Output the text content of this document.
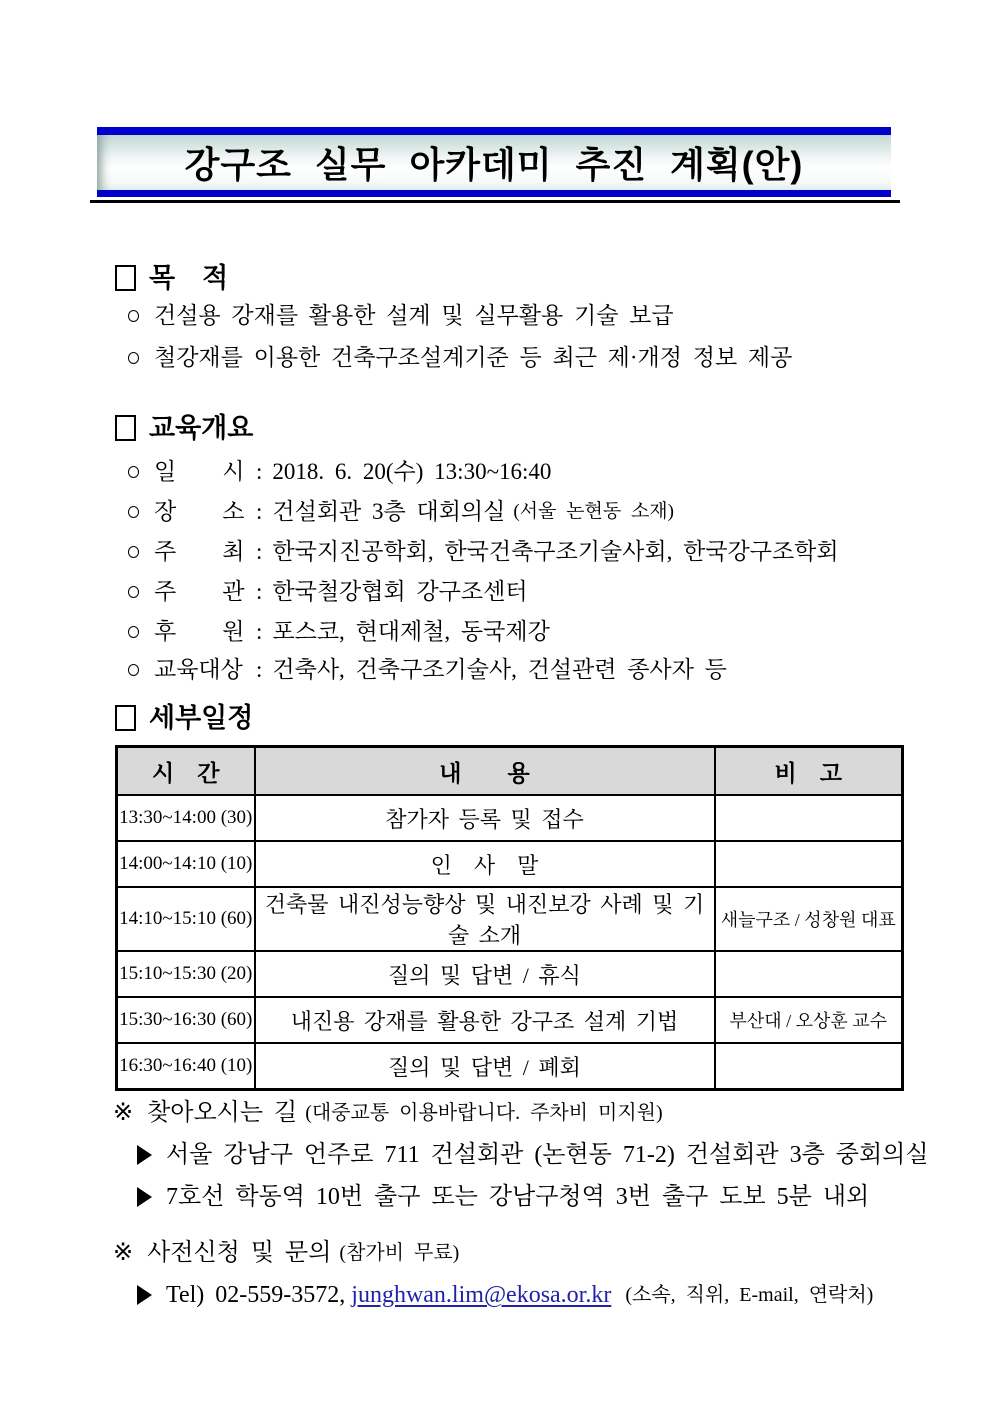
강구조 실무 아카데미 추진 계획(안)
목　적
건설용 강재를 활용한 설계 및 실무활용 기술 보급
철강재를 이용한 건축구조설계기준 등 최근 제·개정 정보 제공
교육개요
일　　시 : 2018. 6. 20(수) 13:30~16:40
장　　소 : 건설회관 3층 대회의실 (서울 논현동 소재)
주　　최 : 한국지진공학회, 한국건축구조기술사회, 한국강구조학회
주　　관 : 한국철강협회 강구조센터
후　　원 : 포스코, 현대제철, 동국제강
교육대상 : 건축사, 건축구조기술사, 건설관련 종사자 등
세부일정
시　간	내　　용	비　고
13:30~14:00 (30)	참가자 등록 및 접수	
14:00~14:10 (10)	인　사　말	
14:10~15:10 (60)	건축물 내진성능향상 및 내진보강 사례 및 기술 소개	새늘구조 / 성창원 대표
15:10~15:30 (20)	질의 및 답변 / 휴식	
15:30~16:30 (60)	내진용 강재를 활용한 강구조 설계 기법	부산대 / 오상훈 교수
16:30~16:40 (10)	질의 및 답변 / 폐회	
※ 찾아오시는 길 (대중교통 이용바랍니다. 주차비 미지원)
서울 강남구 언주로 711 건설회관 (논현동 71-2) 건설회관 3층 중회의실
7호선 학동역 10번 출구 또는 강남구청역 3번 출구 도보 5분 내외
※ 사전신청 및 문의 (참가비 무료)
Tel) 02-559-3572, junghwan.lim@ekosa.or.kr (소속, 직위, E-mail, 연락처)
